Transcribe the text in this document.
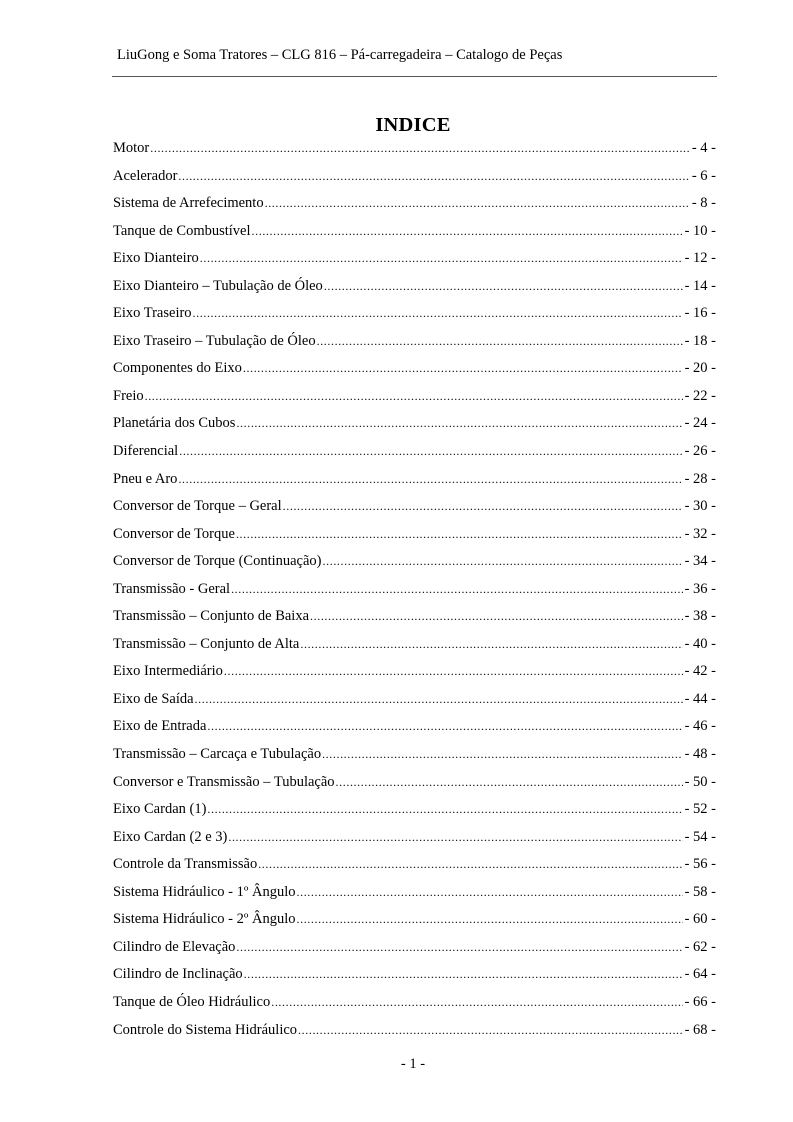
LiuGong e Soma Tratores – CLG 816 – Pá-carregadeira – Catalogo de Peças
INDICE
Motor .....	- 4 -
Acelerador .....	- 6 -
Sistema de Arrefecimento .....	- 8 -
Tanque de Combustível .....	- 10 -
Eixo Dianteiro .....	- 12 -
Eixo Dianteiro – Tubulação de Óleo .....	- 14 -
Eixo Traseiro .....	- 16 -
Eixo Traseiro – Tubulação de Óleo .....	- 18 -
Componentes do Eixo .....	- 20 -
Freio .....	- 22 -
Planetária dos Cubos .....	- 24 -
Diferencial .....	- 26 -
Pneu e Aro .....	- 28 -
Conversor de Torque – Geral .....	- 30 -
Conversor de Torque .....	- 32 -
Conversor de Torque (Continuação) .....	- 34 -
Transmissão - Geral .....	- 36 -
Transmissão – Conjunto de Baixa .....	- 38 -
Transmissão – Conjunto de Alta .....	- 40 -
Eixo Intermediário .....	- 42 -
Eixo de Saída .....	- 44 -
Eixo de Entrada .....	- 46 -
Transmissão – Carcaça e Tubulação .....	- 48 -
Conversor e Transmissão – Tubulação .....	- 50 -
Eixo Cardan (1) .....	- 52 -
Eixo Cardan (2 e 3) .....	- 54 -
Controle da Transmissão .....	- 56 -
Sistema Hidráulico - 1º Ângulo .....	- 58 -
Sistema Hidráulico - 2º Ângulo .....	- 60 -
Cilindro de Elevação .....	- 62 -
Cilindro de Inclinação .....	- 64 -
Tanque de Óleo Hidráulico .....	- 66 -
Controle do Sistema Hidráulico .....	- 68 -
- 1 -
